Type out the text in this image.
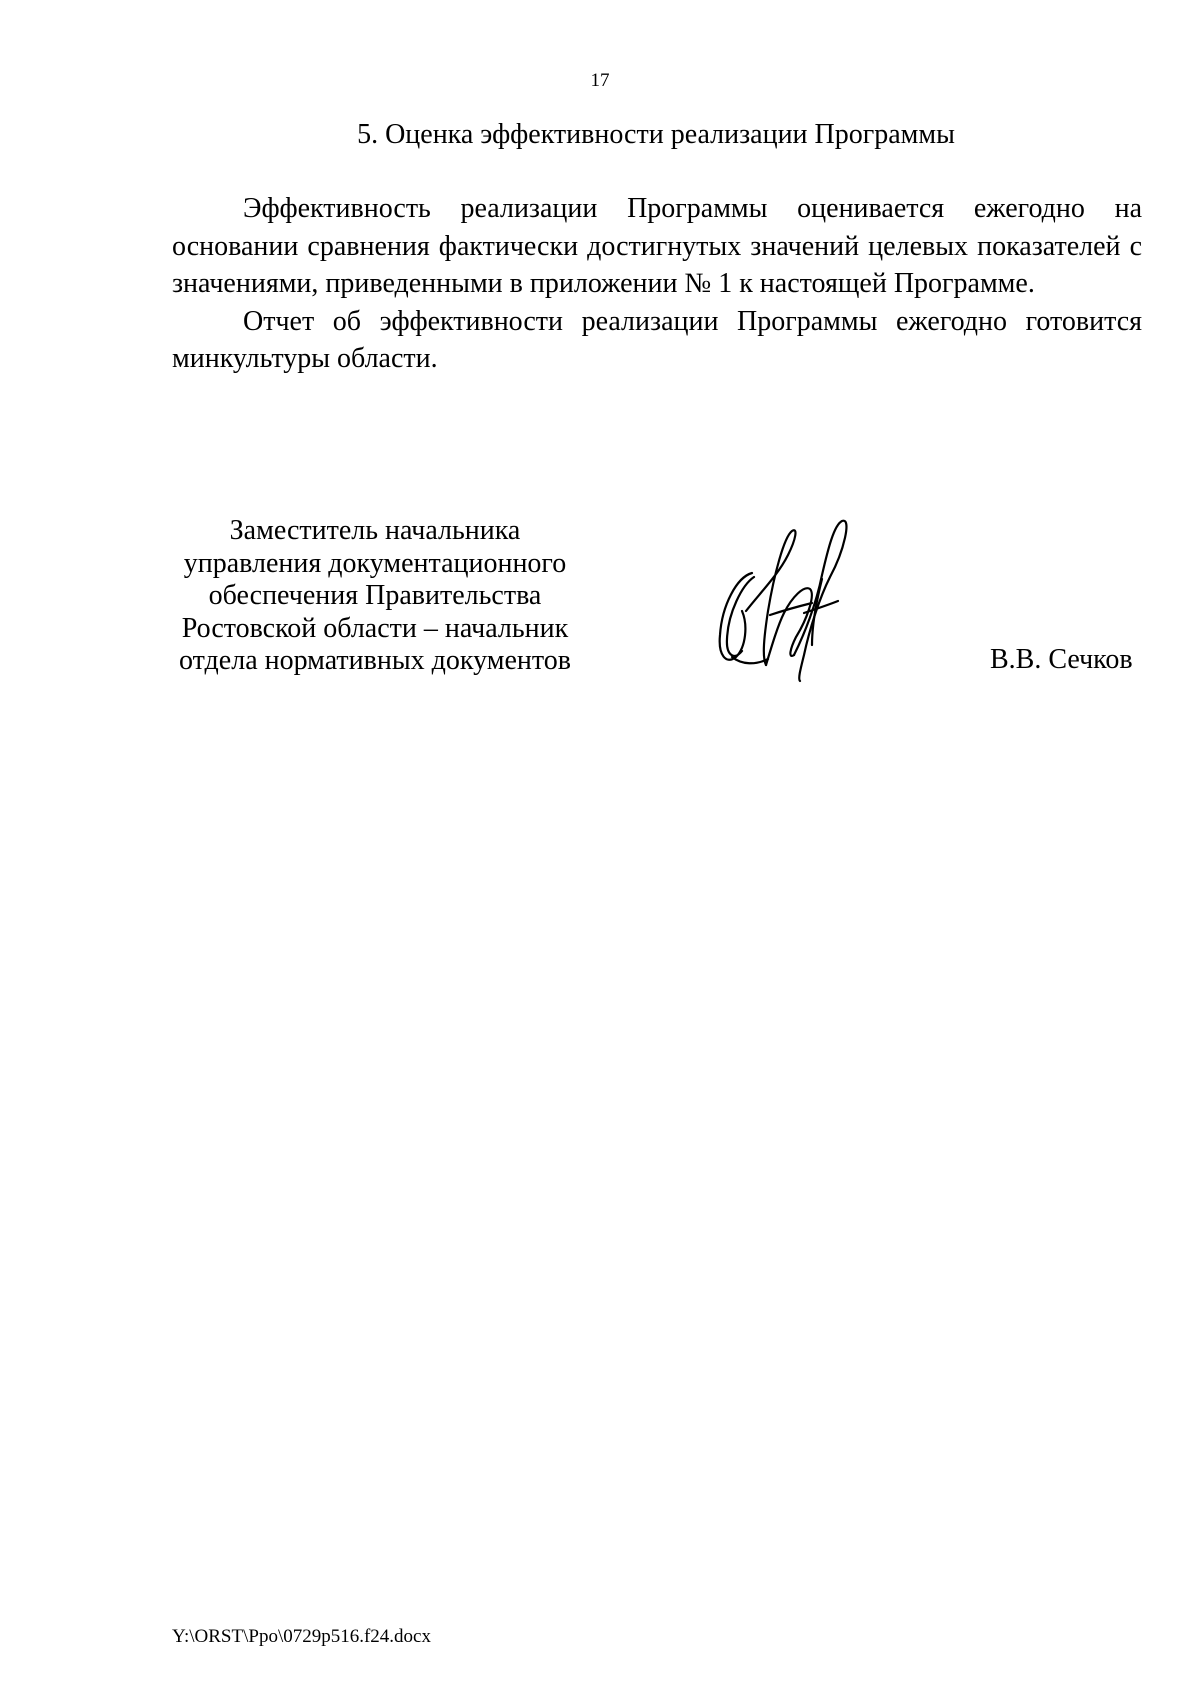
17
5. Оценка эффективности реализации Программы

Эффективность реализации Программы оценивается ежегодно на основании сравнения фактически достигнутых значений целевых показателей с значениями, приведенными в приложении № 1 к настоящей Программе.

Отчет об эффективности реализации Программы ежегодно готовится минкультуры области.

Заместитель начальника
управления документационного
обеспечения Правительства
Ростовской области – начальник
отдела нормативных документов	В.В. Сечков
Y:\ORST\Ppo\0729p516.f24.docx
